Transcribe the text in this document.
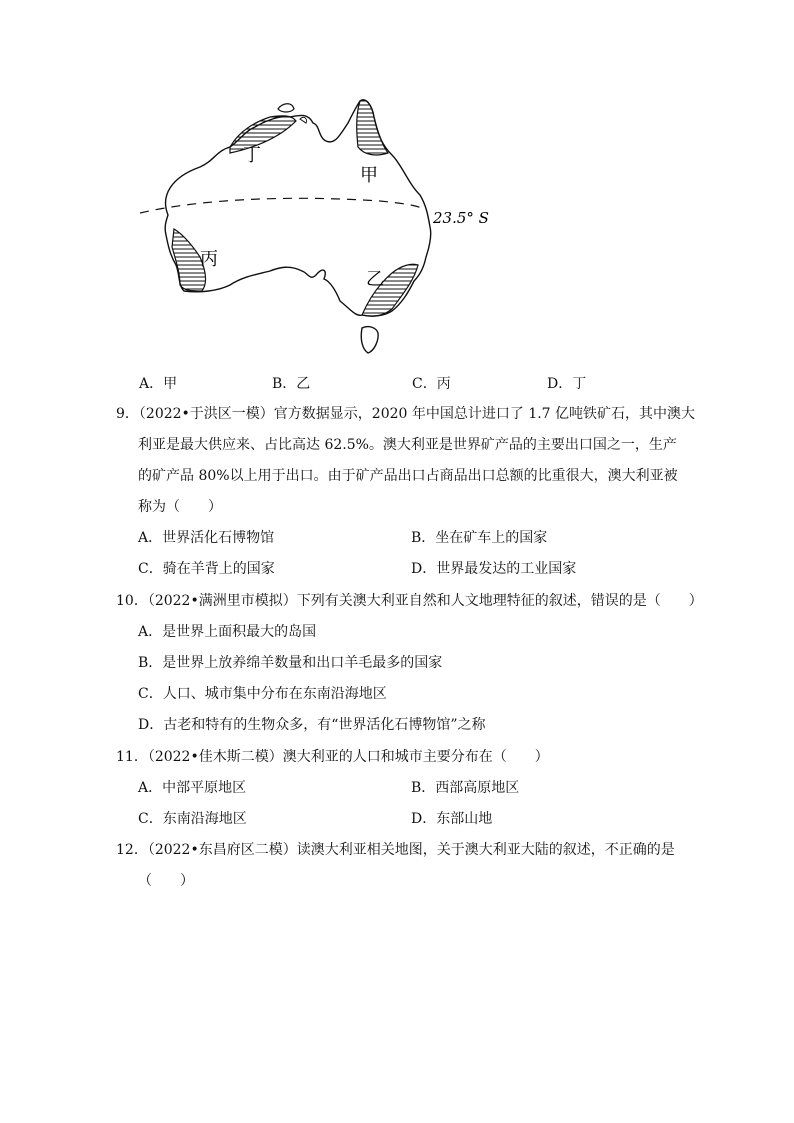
丁
甲
丙
乙
23.5° S
A．甲	B．乙	C．丙	D．丁
9．（2022•于洪区一模）官方数据显示，2020 年中国总计进口了 1.7 亿吨铁矿石，其中澳大
利亚是最大供应来、占比高达 62.5%。澳大利亚是世界矿产品的主要出口国之一，生产
的矿产品 80%以上用于出口。由于矿产品出口占商品出口总额的比重很大，澳大利亚被
称为（　　）
A．世界活化石博物馆	B．坐在矿车上的国家
C．骑在羊背上的国家	D．世界最发达的工业国家
10．（2022•满洲里市模拟）下列有关澳大利亚自然和人文地理特征的叙述，错误的是（　　）
A．是世界上面积最大的岛国
B．是世界上放养绵羊数量和出口羊毛最多的国家
C．人口、城市集中分布在东南沿海地区
D．古老和特有的生物众多，有“世界活化石博物馆”之称
11．（2022•佳木斯二模）澳大利亚的人口和城市主要分布在（　　）
A．中部平原地区	B．西部高原地区
C．东南沿海地区	D．东部山地
12．（2022•东昌府区二模）读澳大利亚相关地图，关于澳大利亚大陆的叙述，不正确的是
（　　）
